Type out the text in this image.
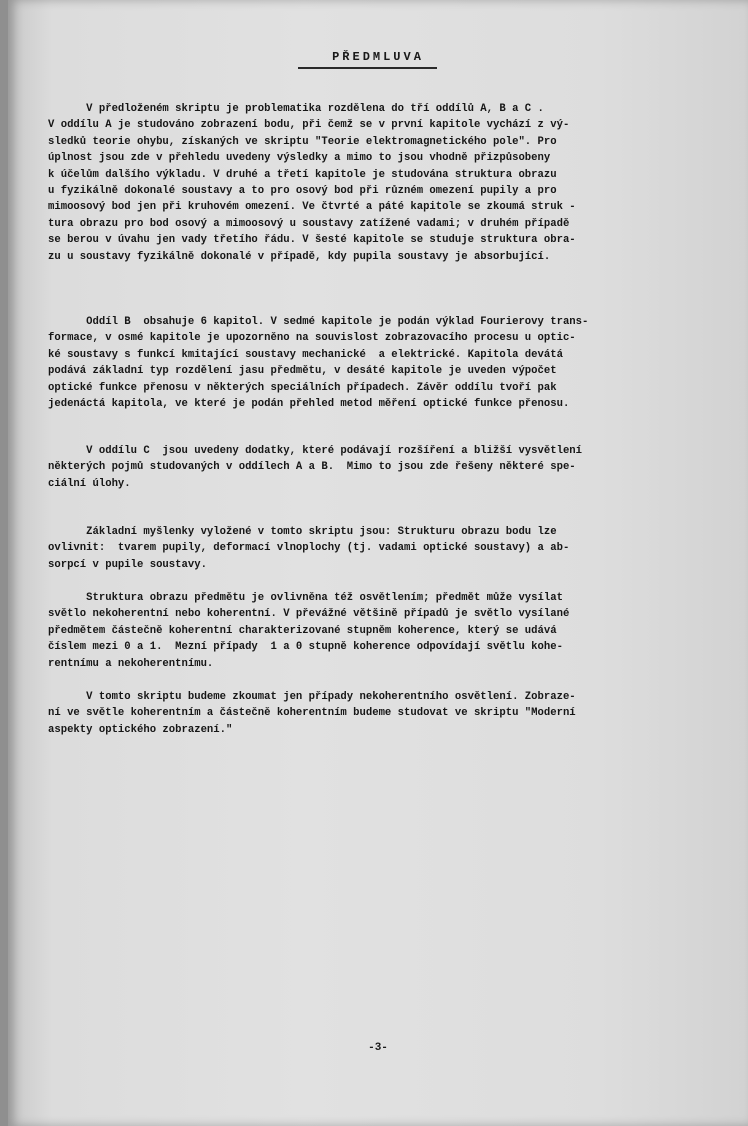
PŘEDMLUVA
V předloženém skriptu je problematika rozdělena do tří oddílů A, B a C .
V oddílu A je studováno zobrazení bodu, při čemž se v první kapitole vychází z vý-
sledků teorie ohybu, získaných ve skriptu "Teorie elektromagnetického pole". Pro
úplnost jsou zde v přehledu uvedeny výsledky a mimo to jsou vhodně přizpůsobeny
k účelům dalšího výkladu. V druhé a třetí kapitole je studována struktura obrazu
u fyzikálně dokonalé soustavy a to pro osový bod při různém omezení pupily a pro
mimoosový bod jen při kruhovém omezení. Ve čtvrté a páté kapitole se zkoumá struk -
tura obrazu pro bod osový a mimoosový u soustavy zatížené vadami; v druhém případě
se berou v úvahu jen vady třetího řádu. V šesté kapitole se studuje struktura obra-
zu u soustavy fyzikálně dokonalé v případě, kdy pupila soustavy je absorbující.
Oddíl B  obsahuje 6 kapitol. V sedmé kapitole je podán výklad Fourierovy trans-
formace, v osmé kapitole je upozorněno na souvislost zobrazovacího procesu u optic-
ké soustavy s funkcí kmitající soustavy mechanické  a elektrické. Kapitola devátá
podává základní typ rozdělení jasu předmětu, v desáté kapitole je uveden výpočet
optické funkce přenosu v některých speciálních případech. Závěr oddílu tvoří pak
jedenáctá kapitola, ve které je podán přehled metod měření optické funkce přenosu.
V oddílu C  jsou uvedeny dodatky, které podávají rozšíření a bližší vysvětlení
některých pojmů studovaných v oddílech A a B.  Mimo to jsou zde řešeny některé spe-
ciální úlohy.
Základní myšlenky vyložené v tomto skriptu jsou: Strukturu obrazu bodu lze
ovlivnit:  tvarem pupily, deformací vlnoplochy (tj. vadami optické soustavy) a ab-
sorpcí v pupile soustavy.
Struktura obrazu předmětu je ovlivněna též osvětlením; předmět může vysílat
světlo nekoherentní nebo koherentní. V převážné většině případů je světlo vysílané
předmětem částečně koherentní charakterizované stupněm koherence, který se udává
číslem mezi 0 a 1.  Mezní případy  1 a 0 stupně koherence odpovídají světlu kohe-
rentnímu a nekoherentnímu.
V tomto skriptu budeme zkoumat jen případy nekoherentního osvětlení. Zobraze-
ní ve světle koherentním a částečně koherentním budeme studovat ve skriptu "Moderní
aspekty optického zobrazení."
-3-
